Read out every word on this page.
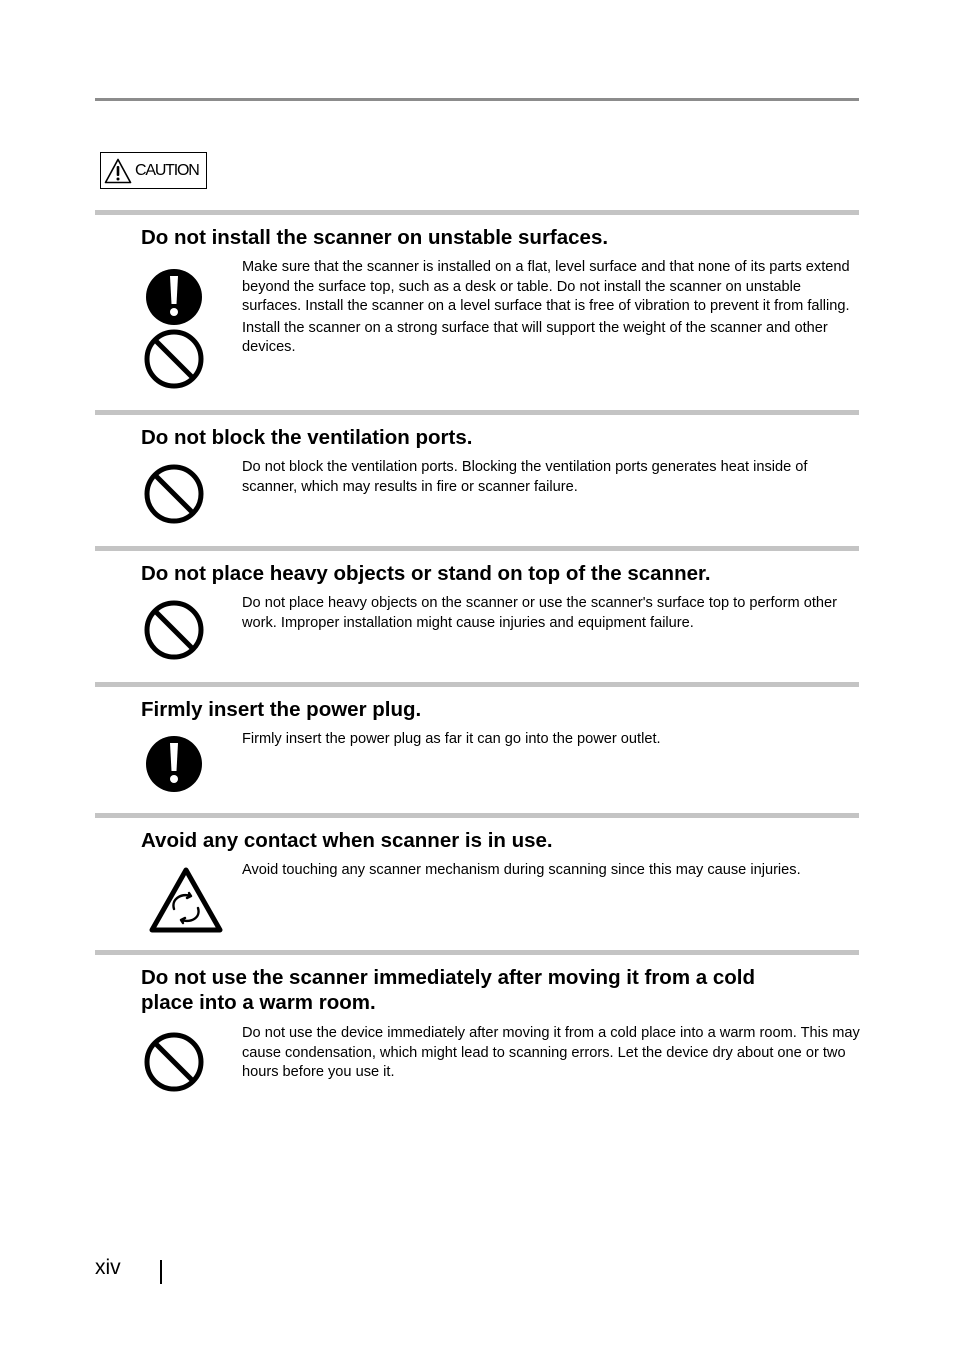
CAUTION
Do not install the scanner on unstable surfaces.

Make sure that the scanner is installed on a flat, level surface and that none of its parts extend beyond the surface top, such as a desk or table. Do not install the scanner on unstable surfaces. Install the scanner on a level surface that is free of vibration to prevent it from falling.

Install the scanner on a strong surface that will support the weight of the scanner and other devices.

Do not block the ventilation ports.

Do not block the ventilation ports. Blocking the ventilation ports generates heat inside of scanner, which may results in fire or scanner failure.

Do not place heavy objects or stand on top of the scanner.

Do not place heavy objects on the scanner or use the scanner's surface top to perform other work. Improper installation might cause injuries and equipment failure.

Firmly insert the power plug.

Firmly insert the power plug as far it can go into the power outlet.

Avoid any contact when scanner is in use.

Avoid touching any scanner mechanism during scanning since this may cause injuries.

Do not use the scanner immediately after moving it from a cold
place into a warm room.

Do not use the device immediately after moving it from a cold place into a warm room. This may cause condensation, which might lead to scanning errors. Let the device dry about one or two hours before you use it.

xiv
